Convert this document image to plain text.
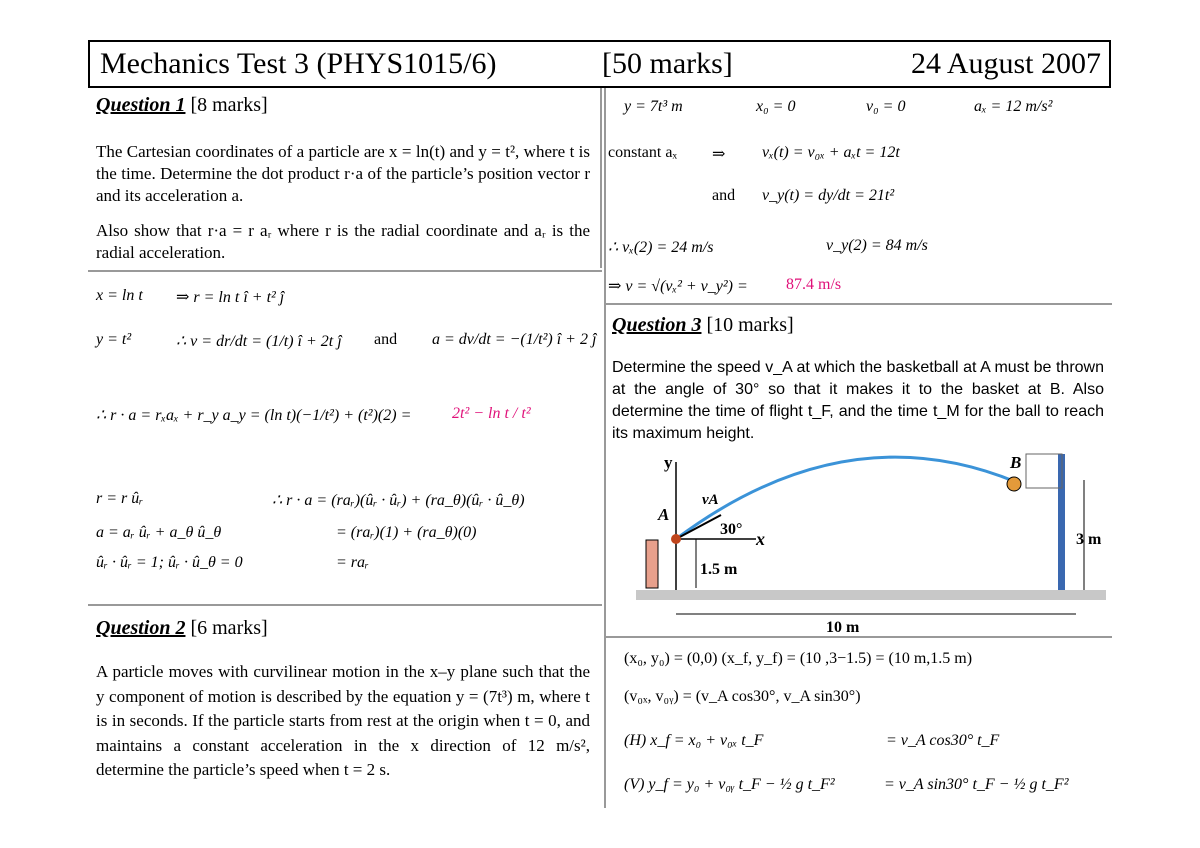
Mechanics Test 3 (PHYS1015/6)	[50 marks]	24 August 2007
Question 1 [8 marks]
The Cartesian coordinates of a particle are x = ln(t) and y = t², where t is the time. Determine the dot product r·a of the particle’s position vector r and its acceleration a.
Also show that r·a = r aᵣ where r is the radial coordinate and aᵣ is the radial acceleration.
x = ln t ⇒ r = ln t î + t² ĵ
y = t²	∴ v = dr/dt = (1/t) î + 2t ĵ and a = dv/dt = −(1/t²) î + 2 ĵ
∴ r · a = rₓaₓ + r_y a_y = (ln t)(−1/t²) + (t²)(2) =	2t² − ln t / t²
r = r ûᵣ	∴ r · a = (raᵣ)(ûᵣ · ûᵣ) + (ra_θ)(ûᵣ · û_θ)
a = aᵣ ûᵣ + a_θ û_θ	= (raᵣ)(1) + (ra_θ)(0)
ûᵣ · ûᵣ = 1; ûᵣ · û_θ = 0	= raᵣ
Question 2 [6 marks]
A particle moves with curvilinear motion in the x–y plane such that the y component of motion is described by the equation y = (7t³) m, where t is in seconds. If the particle starts from rest at the origin when t = 0, and maintains a constant acceleration in the x direction of 12 m/s², determine the particle’s speed when t = 2 s.
y = 7t³ m	x₀ = 0	v₀ = 0	aₓ = 12 m/s²
constant aₓ ⇒ vₓ(t) = v₀ₓ + aₓt = 12t
and v_y(t) = dy/dt = 21t²
∴ vₓ(2) = 24 m/s	v_y(2) = 84 m/s
⇒ v = √(vₓ² + v_y²) = 87.4 m/s
Question 3 [10 marks]
Determine the speed v_A at which the basketball at A must be thrown at the angle of 30° so that it makes it to the basket at B. Also determine the time of flight t_F, and the time t_M for the ball to reach its maximum height.
y
x
A
B
vA
30°
1.5 m
3 m
10 m
(x₀, y₀) = (0,0) (x_f, y_f) = (10 ,3−1.5) = (10 m,1.5 m)
(v₀ₓ, v₀ᵧ) = (v_A cos30°, v_A sin30°)
(H) x_f = x₀ + v₀ₓ t_F	= v_A cos30° t_F
(V) y_f = y₀ + v₀ᵧ t_F − ½ g t_F²	= v_A sin30° t_F − ½ g t_F²
